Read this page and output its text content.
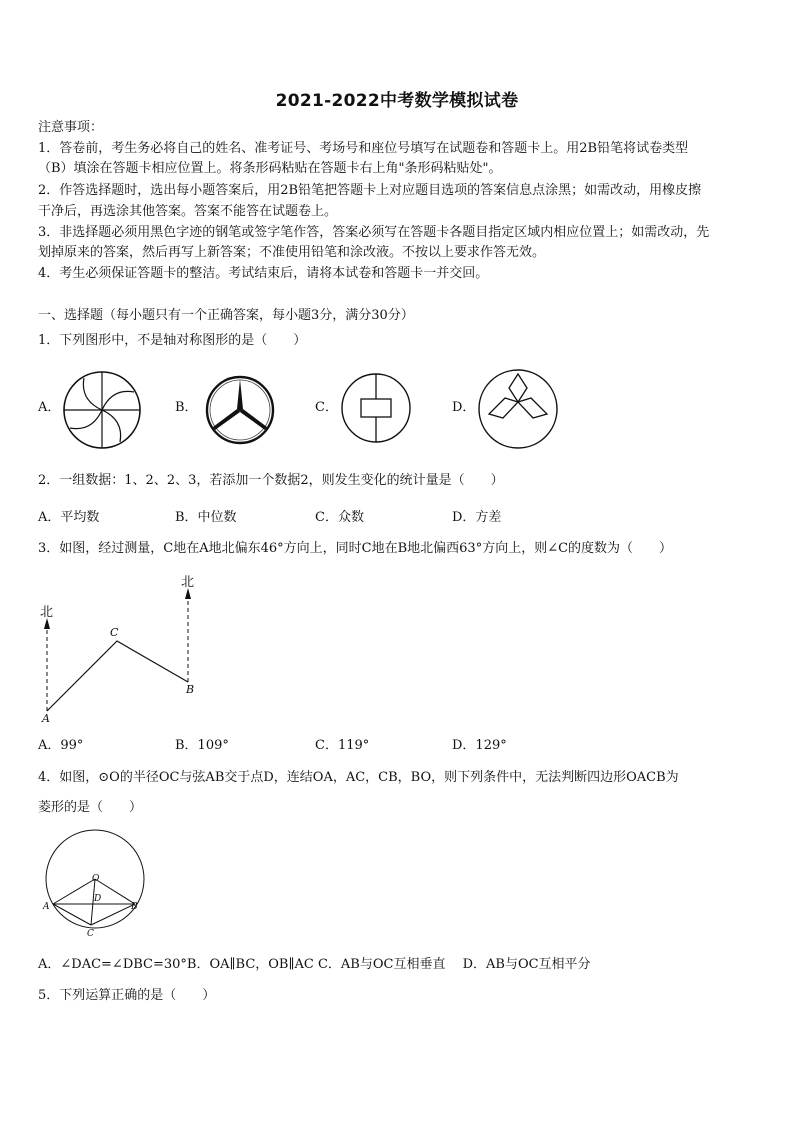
2021-2022中考数学模拟试卷
注意事项：
1．答卷前，考生务必将自己的姓名、准考证号、考场号和座位号填写在试题卷和答题卡上。用2B铅笔将试卷类型
（B）填涂在答题卡相应位置上。将条形码粘贴在答题卡右上角"条形码粘贴处"。
2．作答选择题时，选出每小题答案后，用2B铅笔把答题卡上对应题目选项的答案信息点涂黑；如需改动，用橡皮擦
干净后，再选涂其他答案。答案不能答在试题卷上。
3．非选择题必须用黑色字迹的钢笔或签字笔作答，答案必须写在答题卡各题目指定区域内相应位置上；如需改动，先
划掉原来的答案，然后再写上新答案；不准使用铅笔和涂改液。不按以上要求作答无效。
4．考生必须保证答题卡的整洁。考试结束后，请将本试卷和答题卡一并交回。
一、选择题（每小题只有一个正确答案，每小题3分，满分30分）
1．下列图形中，不是轴对称图形的是（　　）
A．	B．	C．	D．
2．一组数据：1、2、2、3，若添加一个数据2，则发生变化的统计量是（　　）
A．平均数	B．中位数	C．众数	D．方差
3．如图，经过测量，C地在A地北偏东46°方向上，同时C地在B地北偏西63°方向上，则∠C的度数为（　　）
北
北
A
C
B
A．99°	B．109°	C．119°	D．129°
4．如图，⊙O的半径OC与弦AB交于点D，连结OA，AC，CB，BO，则下列条件中，无法判断四边形OACB为
菱形的是（　　）
O
D
A	B
C
A．∠DAC=∠DBC=30°B．OA∥BC，OB∥AC C．AB与OC互相垂直　 D．AB与OC互相平分
5．下列运算正确的是（　　）
